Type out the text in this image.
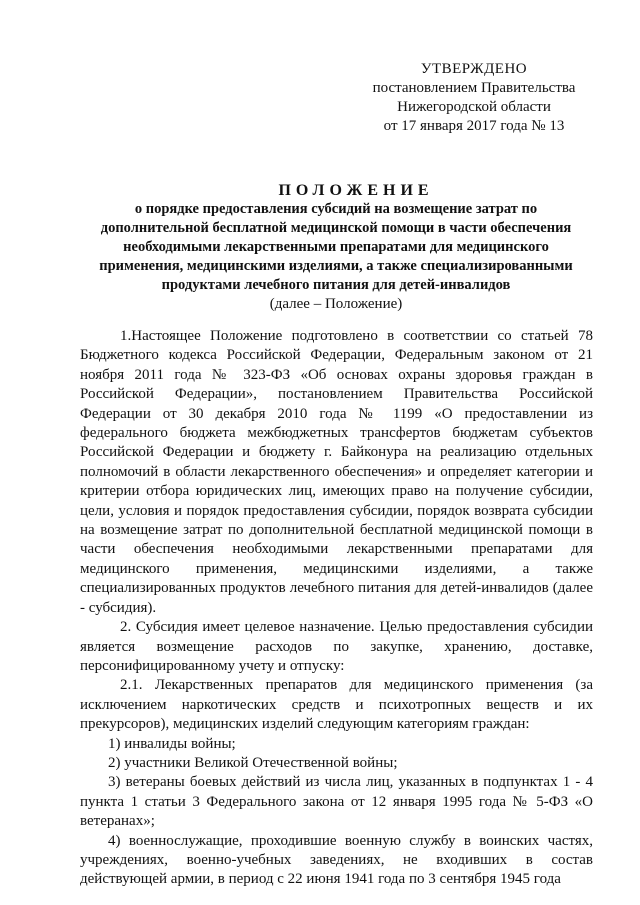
УТВЕРЖДЕНО
постановлением Правительства
Нижегородской области
от 17 января 2017 года № 13
ПОЛОЖЕНИЕ
о порядке предоставления субсидий на возмещение затрат по
дополнительной бесплатной медицинской помощи в части обеспечения
необходимыми лекарственными препаратами для медицинского
применения, медицинскими изделиями, а также специализированными
продуктами лечебного питания для детей-инвалидов
(далее – Положение)

1.Настоящее Положение подготовлено в соответствии со статьей 78 Бюджетного кодекса Российской Федерации, Федеральным законом от 21 ноября 2011 года № 323-ФЗ «Об основах охраны здоровья граждан в Российской Федерации», постановлением Правительства Российской Федерации от 30 декабря 2010 года № 1199 «О предоставлении из федерального бюджета межбюджетных трансфертов бюджетам субъектов Российской Федерации и бюджету г. Байконура на реализацию отдельных полномочий в области лекарственного обеспечения» и определяет категории и критерии отбора юридических лиц, имеющих право на получение субсидии, цели, условия и порядок предоставления субсидии, порядок возврата субсидии на возмещение затрат по дополнительной бесплатной медицинской помощи в части обеспечения необходимыми лекарственными препаратами для медицинского применения, медицинскими изделиями, а также специализированных продуктов лечебного питания для детей-инвалидов (далее - субсидия).

2. Субсидия имеет целевое назначение. Целью предоставления субсидии является возмещение расходов по закупке, хранению, доставке, персонифицированному учету и отпуску:

2.1. Лекарственных препаратов для медицинского применения (за исключением наркотических средств и психотропных веществ и их прекурсоров), медицинских изделий следующим категориям граждан:

1) инвалиды войны;

2) участники Великой Отечественной войны;

3) ветераны боевых действий из числа лиц, указанных в подпунктах 1 - 4 пункта 1 статьи 3 Федерального закона от 12 января 1995 года № 5-ФЗ «О ветеранах»;

4) военнослужащие, проходившие военную службу в воинских частях, учреждениях, военно-учебных заведениях, не входивших в состав действующей армии, в период с 22 июня 1941 года по 3 сентября 1945 года
